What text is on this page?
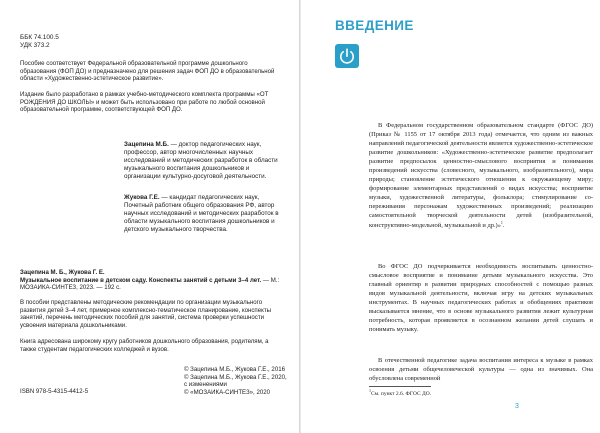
ББК 74.100.5
УДК 373.2
Пособие соответствует Федеральной образовательной программе дошкольного образования (ФОП ДО) и предназначено для решения задач ФОП ДО в образовательной области «Художественно-эстетическое развитие».
Издание было разработано в рамках учебно-методического комплекта программы «ОТ РОЖДЕНИЯ ДО ШКОЛЫ» и может быть использовано при работе по любой основной образовательной программе, соответствующей ФОП ДО.
Зацепина М.Б. — доктор педагогических наук, профессор, автор многочисленных научных исследований и методических разработок в области музыкального воспитания дошкольников и организации культурно-досуговой деятельности.
Жукова Г.Е. — кандидат педагогических наук, Почетный работник общего образования РФ, автор научных исследований и методических разработок в области музыкального воспитания дошкольников и детского музыкального творчества.
Зацепина М. Б., Жукова Г. Е.
Музыкальное воспитание в детском саду. Конспекты занятий с детьми 3–4 лет. — М.: МОЗАИКА-СИНТЕЗ, 2023. — 192 с.
В пособии представлены методические рекомендации по организации музыкального развития детей 3–4 лет, примерное комплексно-тематическое планирование, конспекты занятий, перечень методических пособий для занятий, система проверки успешности усвоения материала дошкольниками.
Книга адресована широкому кругу работников дошкольного образования, родителям, а также студентам педагогических колледжей и вузов.
ISBN 978-5-4315-4412-5
© Зацепина М.Б., Жукова Г.Е., 2016
© Зацепина М.Б., Жукова Г.Е., 2020,
с изменениями
© «МОЗАИКА-СИНТЕЗ», 2020
ВВЕДЕНИЕ
В Федеральном государственном образовательном стандарте (ФГОС ДО) (Приказ № 1155 от 17 октября 2013 года) отмечается, что одним из важных направлений педагогической деятельности является художественно-эстетическое развитие дошкольников: «Художественно-эстетическое развитие предполагает развитие предпосылок ценностно-смыслового восприятия и понимания произведений искусства (словесного, музыкального, изобразительного), мира природы; становление эстетического отношения к окружающему миру; формирование элементарных представлений о видах искусства; восприятие музыки, художественной литературы, фольклора; стимулирование со-переживания персонажам художественных произведений; реализацию самостоятельной творческой деятельности детей (изобразительной, конструктивно-модельной, музыкальной и др.)»$^1$.
Во ФГОС ДО подчеркивается необходимость воспитывать ценностно-смысловое восприятие и понимание детьми музыкального искусства. Это главный ориентир в развитии природных способностей с помощью разных видов музыкальной деятельности, включая игру на детских музыкальных инструментах. В научных педагогических работах и обобщениях практиков высказывается мнение, что в основе музыкального развития лежит культурная потребность, которая проявляется в осознанном желании детей слушать и понимать музыку.
В отечественной педагогике задача воспитания интереса к музыке в рамках освоения детьми общечеловеческой культуры — одна из значимых. Она обусловлена современной
$^1$См. пункт 2.6. ФГОС ДО.
3
